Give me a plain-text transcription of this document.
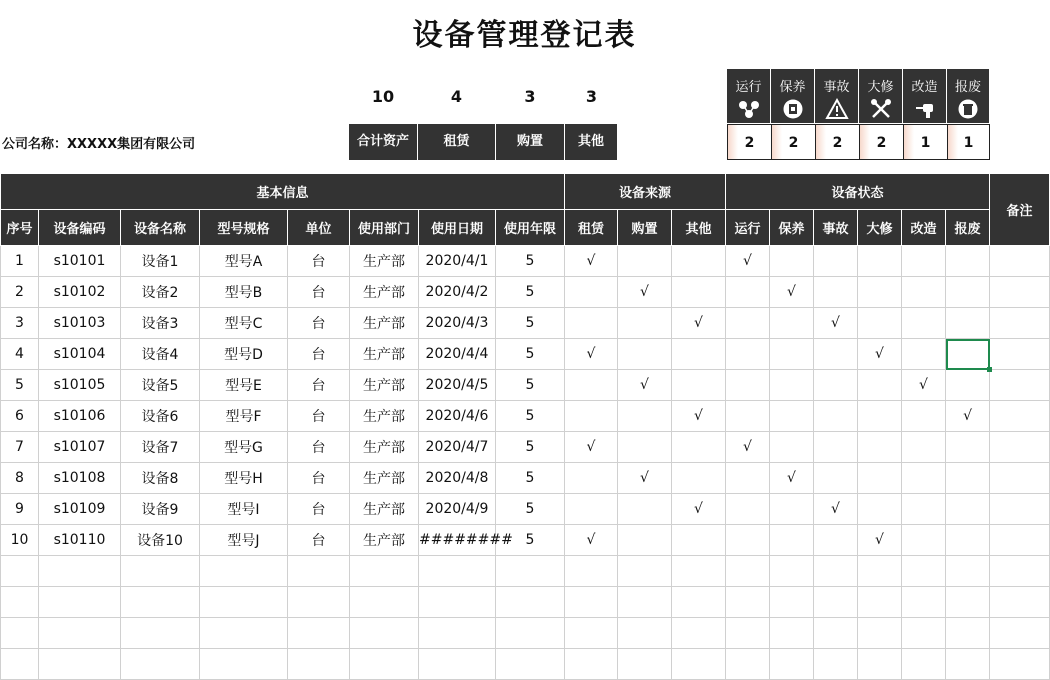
设备管理登记表
公司名称：XXXXX集团有限公司
10	4	3	3
合计资产	租赁	购置	其他
运行	保养	事故	大修	改造	报废
2	2	2	2	1	1
基本信息								设备来源			设备状态						备注
序号	设备编码	设备名称	型号规格	单位	使用部门	使用日期	使用年限	租赁	购置	其他	运行	保养	事故	大修	改造	报废	
1	s10101	设备1	型号A	台	生产部	2020/4/1	5	√			√						
2	s10102	设备2	型号B	台	生产部	2020/4/2	5		√			√					
3	s10103	设备3	型号C	台	生产部	2020/4/3	5			√			√				
4	s10104	设备4	型号D	台	生产部	2020/4/4	5	√						√			
5	s10105	设备5	型号E	台	生产部	2020/4/5	5		√						√		
6	s10106	设备6	型号F	台	生产部	2020/4/6	5			√						√	
7	s10107	设备7	型号G	台	生产部	2020/4/7	5	√			√						
8	s10108	设备8	型号H	台	生产部	2020/4/8	5		√			√					
9	s10109	设备9	型号I	台	生产部	2020/4/9	5			√			√				
10	s10110	设备10	型号J	台	生产部	########	5	√						√			
